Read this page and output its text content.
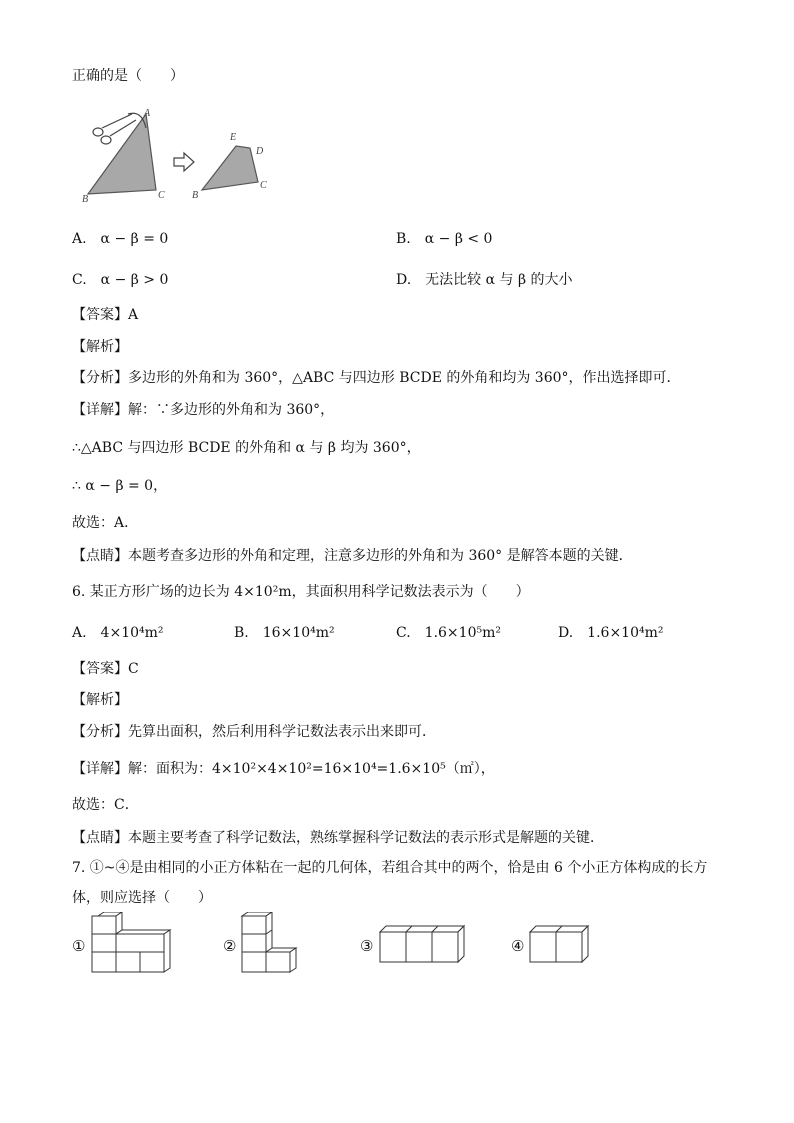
正确的是（　　）
A
B	C
E
D
B
C
A.　α − β = 0	B.　α − β < 0
C.　α − β > 0	D.　无法比较 α 与 β 的大小
【答案】A
【解析】
【分析】多边形的外角和为 360°，△ABC 与四边形 BCDE 的外角和均为 360°，作出选择即可．
【详解】解：∵多边形的外角和为 360°，
∴△ABC 与四边形 BCDE 的外角和 α 与 β 均为 360°，
∴ α − β = 0，
故选：A．
【点睛】本题考查多边形的外角和定理，注意多边形的外角和为 360° 是解答本题的关键．
6. 某正方形广场的边长为 4×10²m，其面积用科学记数法表示为（　　）
A.　4×10⁴m²	B.　16×10⁴m²	C.　1.6×10⁵m²	D.　1.6×10⁴m²
【答案】C
【解析】
【分析】先算出面积，然后利用科学记数法表示出来即可．
【详解】解：面积为：4×10²×4×10²=16×10⁴=1.6×10⁵（㎡），
故选：C．
【点睛】本题主要考查了科学记数法，熟练掌握科学记数法的表示形式是解题的关键．
7. ①~④是由相同的小正方体粘在一起的几何体，若组合其中的两个，恰是由 6 个小正方体构成的长方
体，则应选择（　　）
①	②	③	④
